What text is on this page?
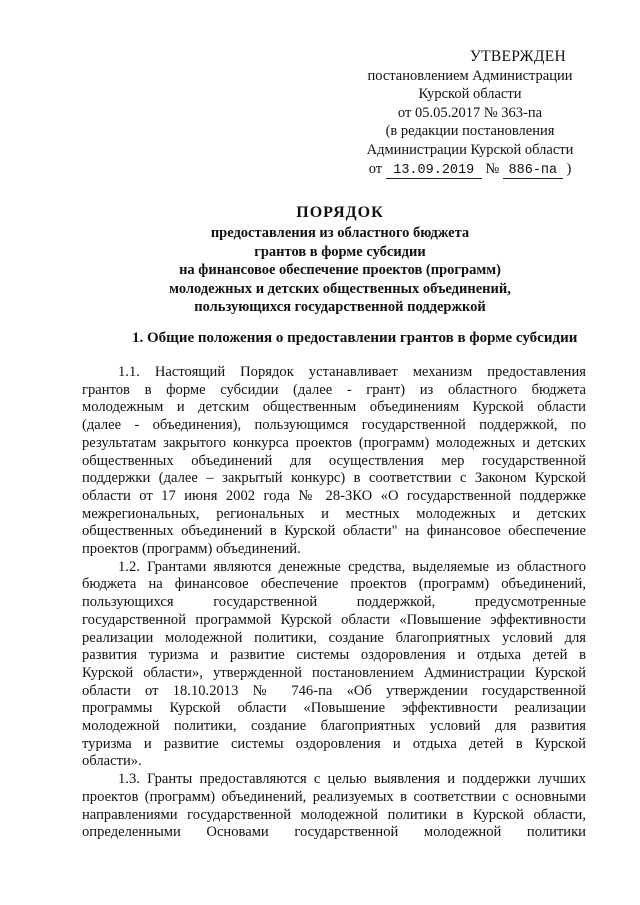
УТВЕРЖДЕН
постановлением Администрации
Курской области
от 05.05.2017 № 363-па
(в редакции постановления
Администрации Курской области
от 13.09.2019 № 886-па )
ПОРЯДОК
предоставления из областного бюджета
грантов в форме субсидии
на финансовое обеспечение проектов (программ)
молодежных и детских общественных объединений,
пользующихся государственной поддержкой
1. Общие положения о предоставлении грантов в форме субсидии
1.1. Настоящий Порядок устанавливает механизм предоставления
грантов в форме субсидии (далее - грант) из областного бюджета
молодежным и детским общественным объединениям Курской области
(далее - объединения), пользующимся государственной поддержкой, по
результатам закрытого конкурса проектов (программ) молодежных и детских
общественных объединений для осуществления мер государственной
поддержки (далее – закрытый конкурс) в соответствии с Законом Курской
области от 17 июня 2002 года № 28-ЗКО «О государственной поддержке
межрегиональных, региональных и местных молодежных и детских
общественных объединений в Курской области" на финансовое обеспечение
проектов (программ) объединений.
1.2. Грантами являются денежные средства, выделяемые из областного
бюджета на финансовое обеспечение проектов (программ) объединений,
пользующихся государственной поддержкой, предусмотренные
государственной программой Курской области «Повышение эффективности
реализации молодежной политики, создание благоприятных условий для
развития туризма и развитие системы оздоровления и отдыха детей в
Курской области», утвержденной постановлением Администрации Курской
области от 18.10.2013 № 746-па «Об утверждении государственной
программы Курской области «Повышение эффективности реализации
молодежной политики, создание благоприятных условий для развития
туризма и развитие системы оздоровления и отдыха детей в Курской
области».
1.3. Гранты предоставляются с целью выявления и поддержки лучших
проектов (программ) объединений, реализуемых в соответствии с основными
направлениями государственной молодежной политики в Курской области,
определенными Основами государственной молодежной политики
